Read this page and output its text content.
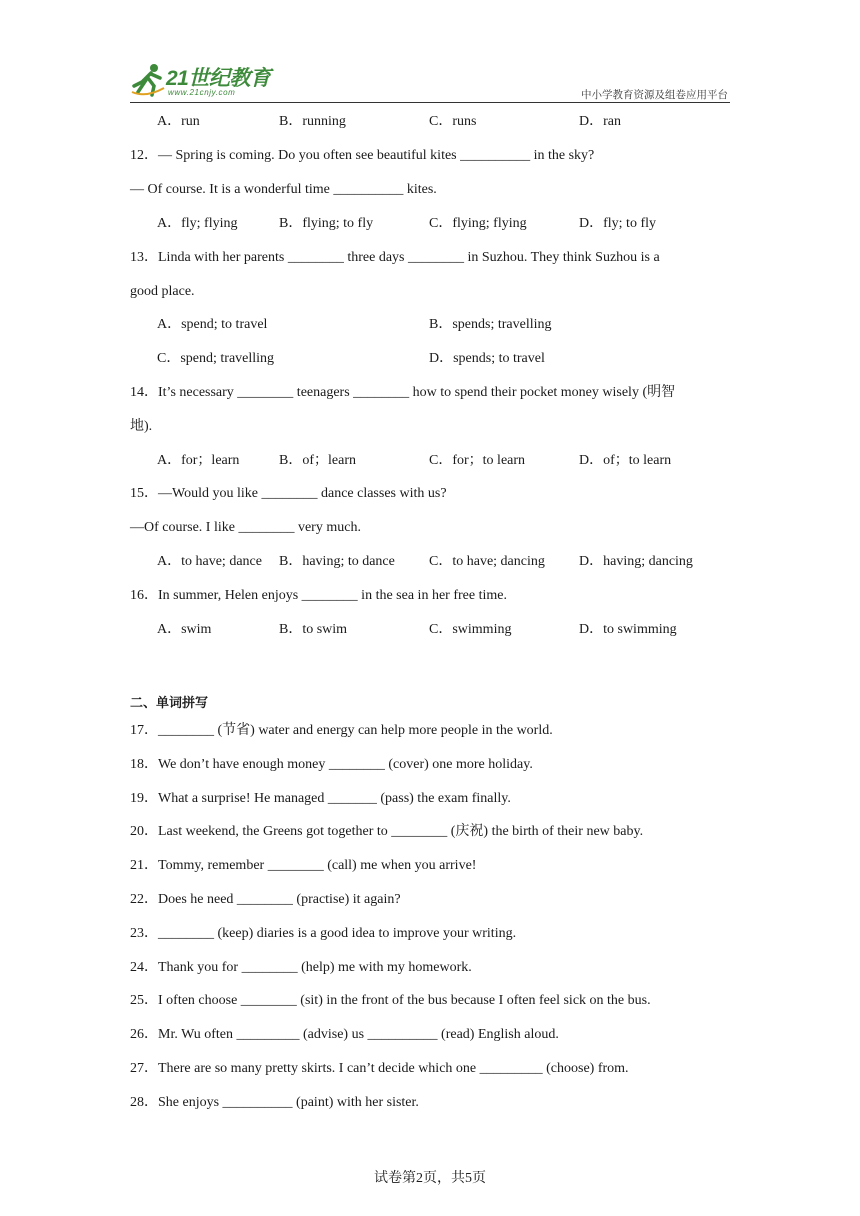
21世纪教育
www.21cnjy.com	中小学教育资源及组卷应用平台
A．run	B．running	C．runs	D．ran
12．— Spring is coming. Do you often see beautiful kites __________ in the sky?
— Of course. It is a wonderful time __________ kites.
A．fly; flying	B．flying; to fly	C．flying; flying	D．fly; to fly
13．Linda with her parents ________ three days ________ in Suzhou. They think Suzhou is a
good place.
A．spend; to travel	B．spends; travelling
C．spend; travelling	D．spends; to travel
14．It’s necessary ________ teenagers ________ how to spend their pocket money wisely (明智
地).
A．for；learn	B．of；learn	C．for；to learn	D．of；to learn
15．—Would you like ________ dance classes with us?
—Of course. I like ________ very much.
A．to have; dance B．having; to dance C．to have; dancing D．having; dancing
16．In summer, Helen enjoys ________ in the sea in her free time.
A．swim	B．to swim	C．swimming	D．to swimming
二、单词拼写
17．________ (节省) water and energy can help more people in the world.
18．We don’t have enough money ________ (cover) one more holiday.
19．What a surprise! He managed _______ (pass) the exam finally.
20．Last weekend, the Greens got together to ________ (庆祝) the birth of their new baby.
21．Tommy, remember ________ (call) me when you arrive!
22．Does he need ________ (practise) it again?
23．________ (keep) diaries is a good idea to improve your writing.
24．Thank you for ________ (help) me with my homework.
25．I often choose ________ (sit) in the front of the bus because I often feel sick on the bus.
26．Mr. Wu often _________ (advise) us __________ (read) English aloud.
27．There are so many pretty skirts. I can’t decide which one _________ (choose) from.
28．She enjoys __________ (paint) with her sister.
试卷第2页，共5页
